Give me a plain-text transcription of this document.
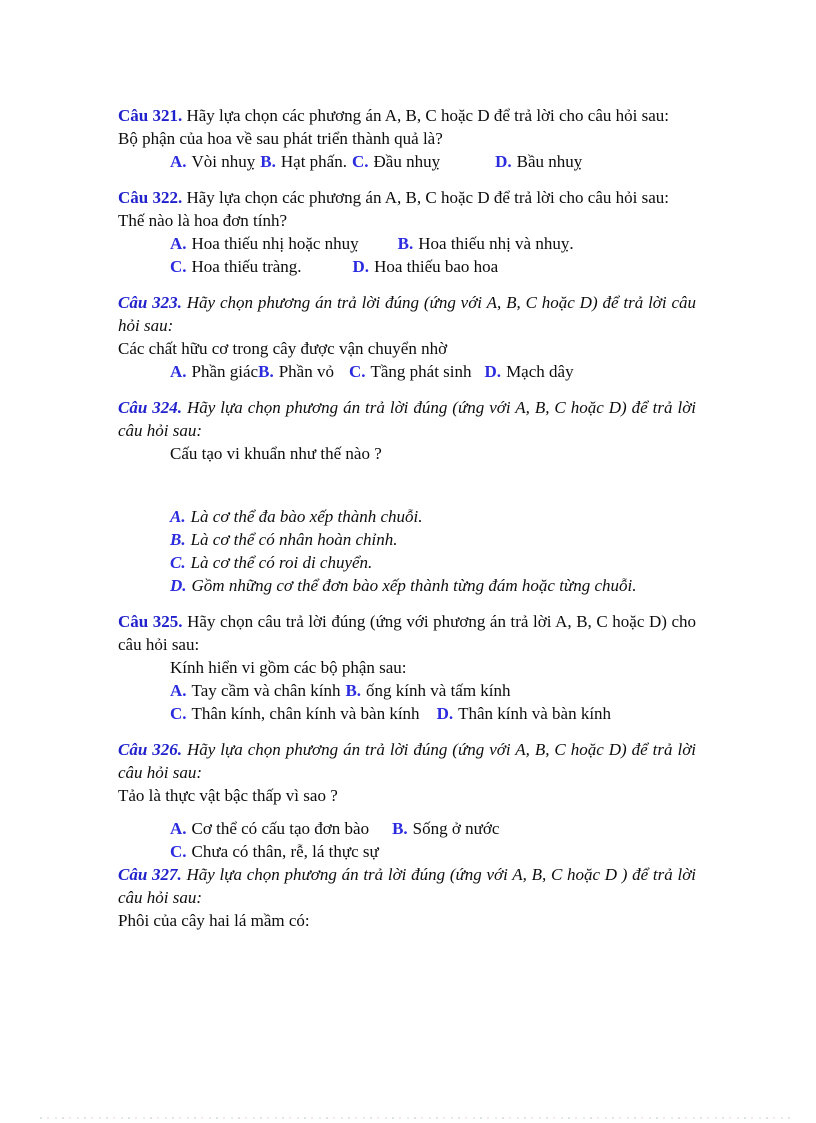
Câu 321. Hãy lựa chọn các phương án A, B, C hoặc D để trả lời cho câu hỏi sau:

Bộ phận của hoa về sau phát triển thành quả là?

A. Vòi nhuỵ B. Hạt phấn. C. Đầu nhuỵ	D. Bầu nhuỵ

Câu 322. Hãy lựa chọn các phương án A, B, C hoặc D để trả lời cho câu hỏi sau:

Thế nào là hoa đơn tính?

A. Hoa thiếu nhị hoặc nhuỵ B. Hoa thiếu nhị và nhuỵ.
C. Hoa thiếu tràng.	D. Hoa thiếu bao hoa

Câu 323. Hãy chọn phương án trả lời đúng (ứng với A, B, C hoặc D) để trả lời câu hỏi sau:

Các chất hữu cơ trong cây được vận chuyển nhờ

A. Phần giácB. Phần vỏ C. Tầng phát sinh D. Mạch dây

Câu 324. Hãy lựa chọn phương án trả lời đúng (ứng với A, B, C hoặc D) để trả lời câu hỏi sau:

Cấu tạo vi khuẩn như thế nào ?

A. Là cơ thể đa bào xếp thành chuỗi.
B. Là cơ thể có nhân hoàn chỉnh.
C. Là cơ thể có roi di chuyển.
D. Gồm những cơ thể đơn bào xếp thành từng đám hoặc từng chuỗi.

Câu 325. Hãy chọn câu trả lời đúng (ứng với phương án trả lời A, B, C hoặc D) cho câu hỏi sau:

Kính hiển vi gồm các bộ phận sau:

A. Tay cầm và chân kính B. ống kính và tấm kính
C. Thân kính, chân kính và bàn kính D. Thân kính và bàn kính

Câu 326. Hãy lựa chọn phương án trả lời đúng (ứng với A, B, C hoặc D) để trả lời câu hỏi sau:

Tảo là thực vật bậc thấp vì sao ?

A. Cơ thể có cấu tạo đơn bào B. Sống ở nước
C. Chưa có thân, rễ, lá thực sự

Câu 327. Hãy lựa chọn phương án trả lời đúng (ứng với A, B, C hoặc D ) để trả lời câu hỏi sau:

Phôi của cây hai lá mầm có:
